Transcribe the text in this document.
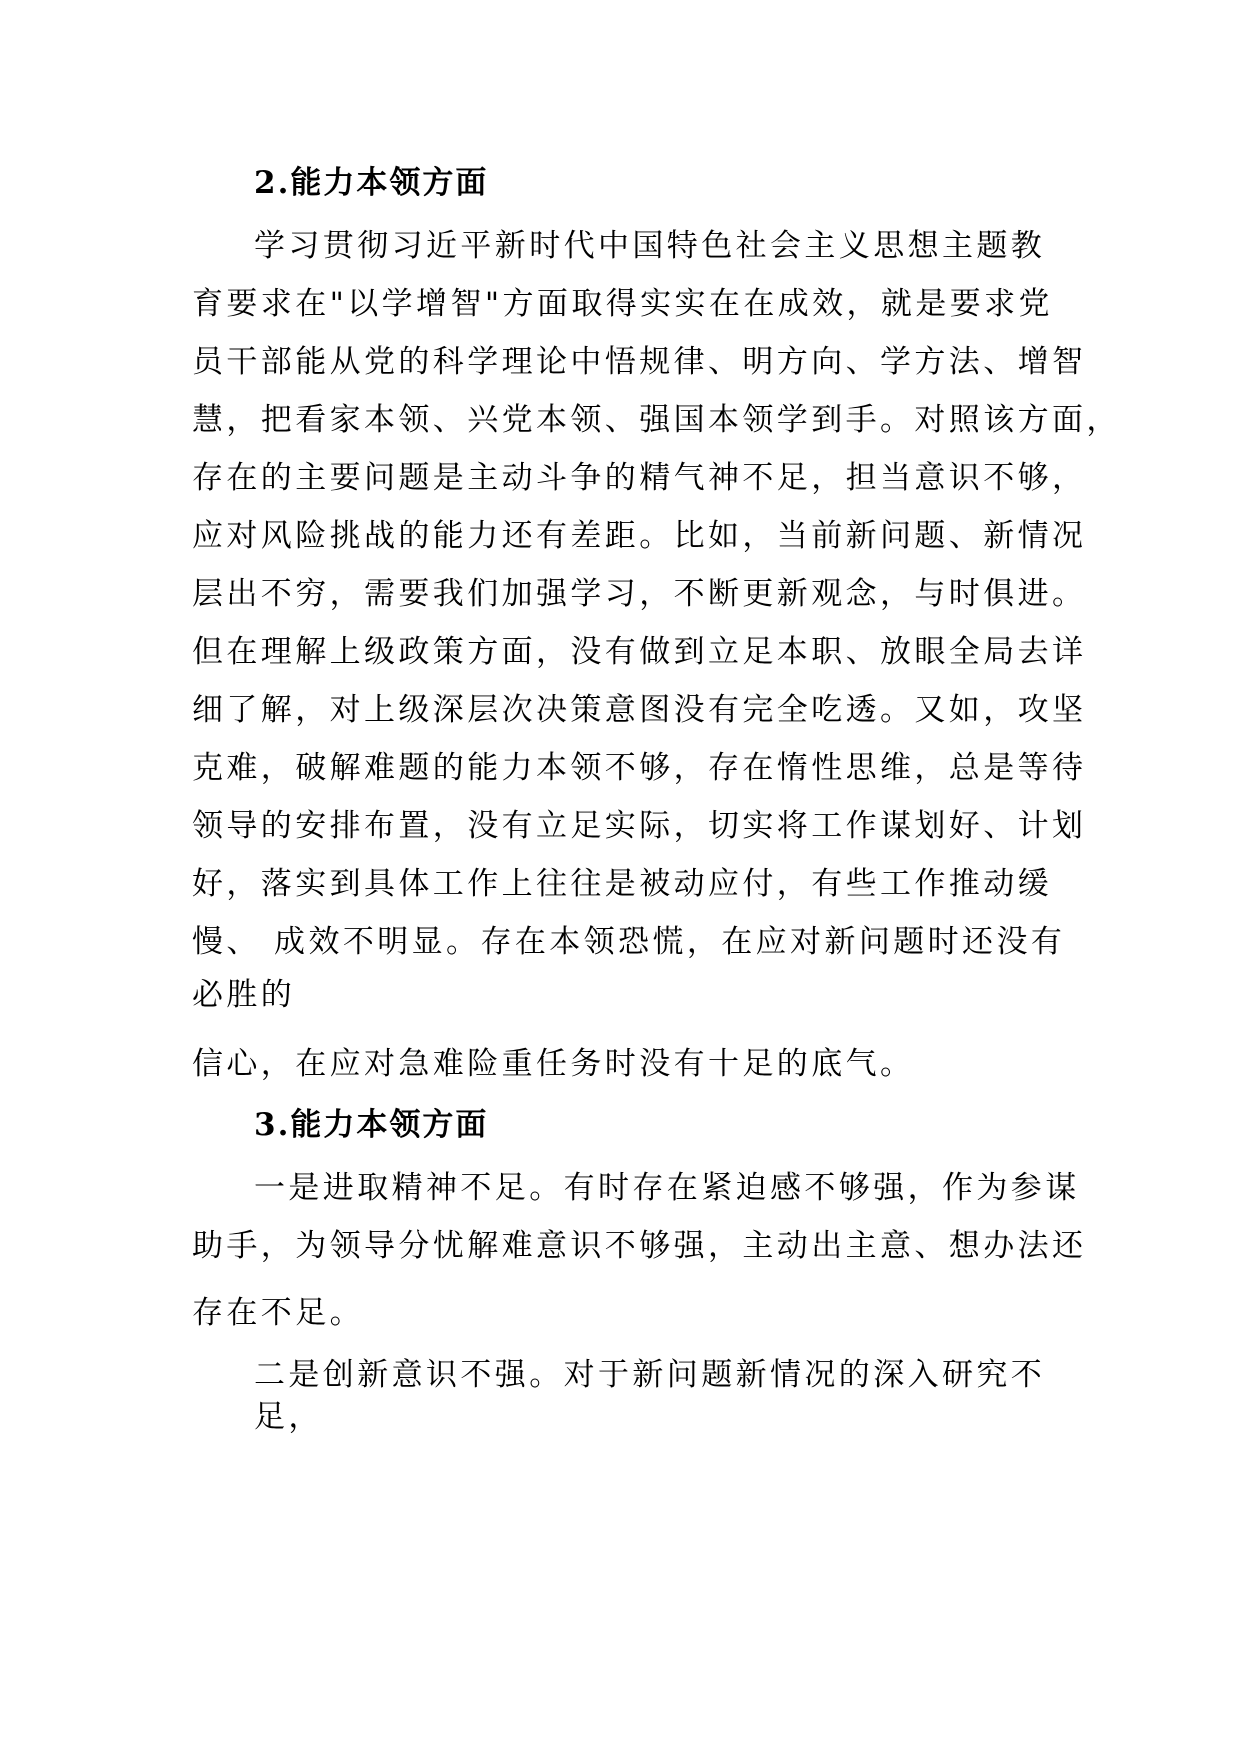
2.能力本领方面

学习贯彻习近平新时代中国特色社会主义思想主题教

育要求在"以学增智"方面取得实实在在成效，就是要求党

员干部能从党的科学理论中悟规律、明方向、学方法、增智

慧，把看家本领、兴党本领、强国本领学到手。对照该方面，

存在的主要问题是主动斗争的精气神不足，担当意识不够，

应对风险挑战的能力还有差距。比如，当前新问题、新情况

层出不穷，需要我们加强学习，不断更新观念，与时俱进。

但在理解上级政策方面，没有做到立足本职、放眼全局去详

细了解，对上级深层次决策意图没有完全吃透。又如，攻坚

克难，破解难题的能力本领不够，存在惰性思维，总是等待

领导的安排布置，没有立足实际，切实将工作谋划好、计划

好，落实到具体工作上往往是被动应付，有些工作推动缓

慢、 成效不明显。存在本领恐慌，在应对新问题时还没有

必胜的

信心，在应对急难险重任务时没有十足的底气。

3.能力本领方面

一是进取精神不足。有时存在紧迫感不够强，作为参谋

助手，为领导分忧解难意识不够强，主动出主意、想办法还

存在不足。

二是创新意识不强。对于新问题新情况的深入研究不

足，
